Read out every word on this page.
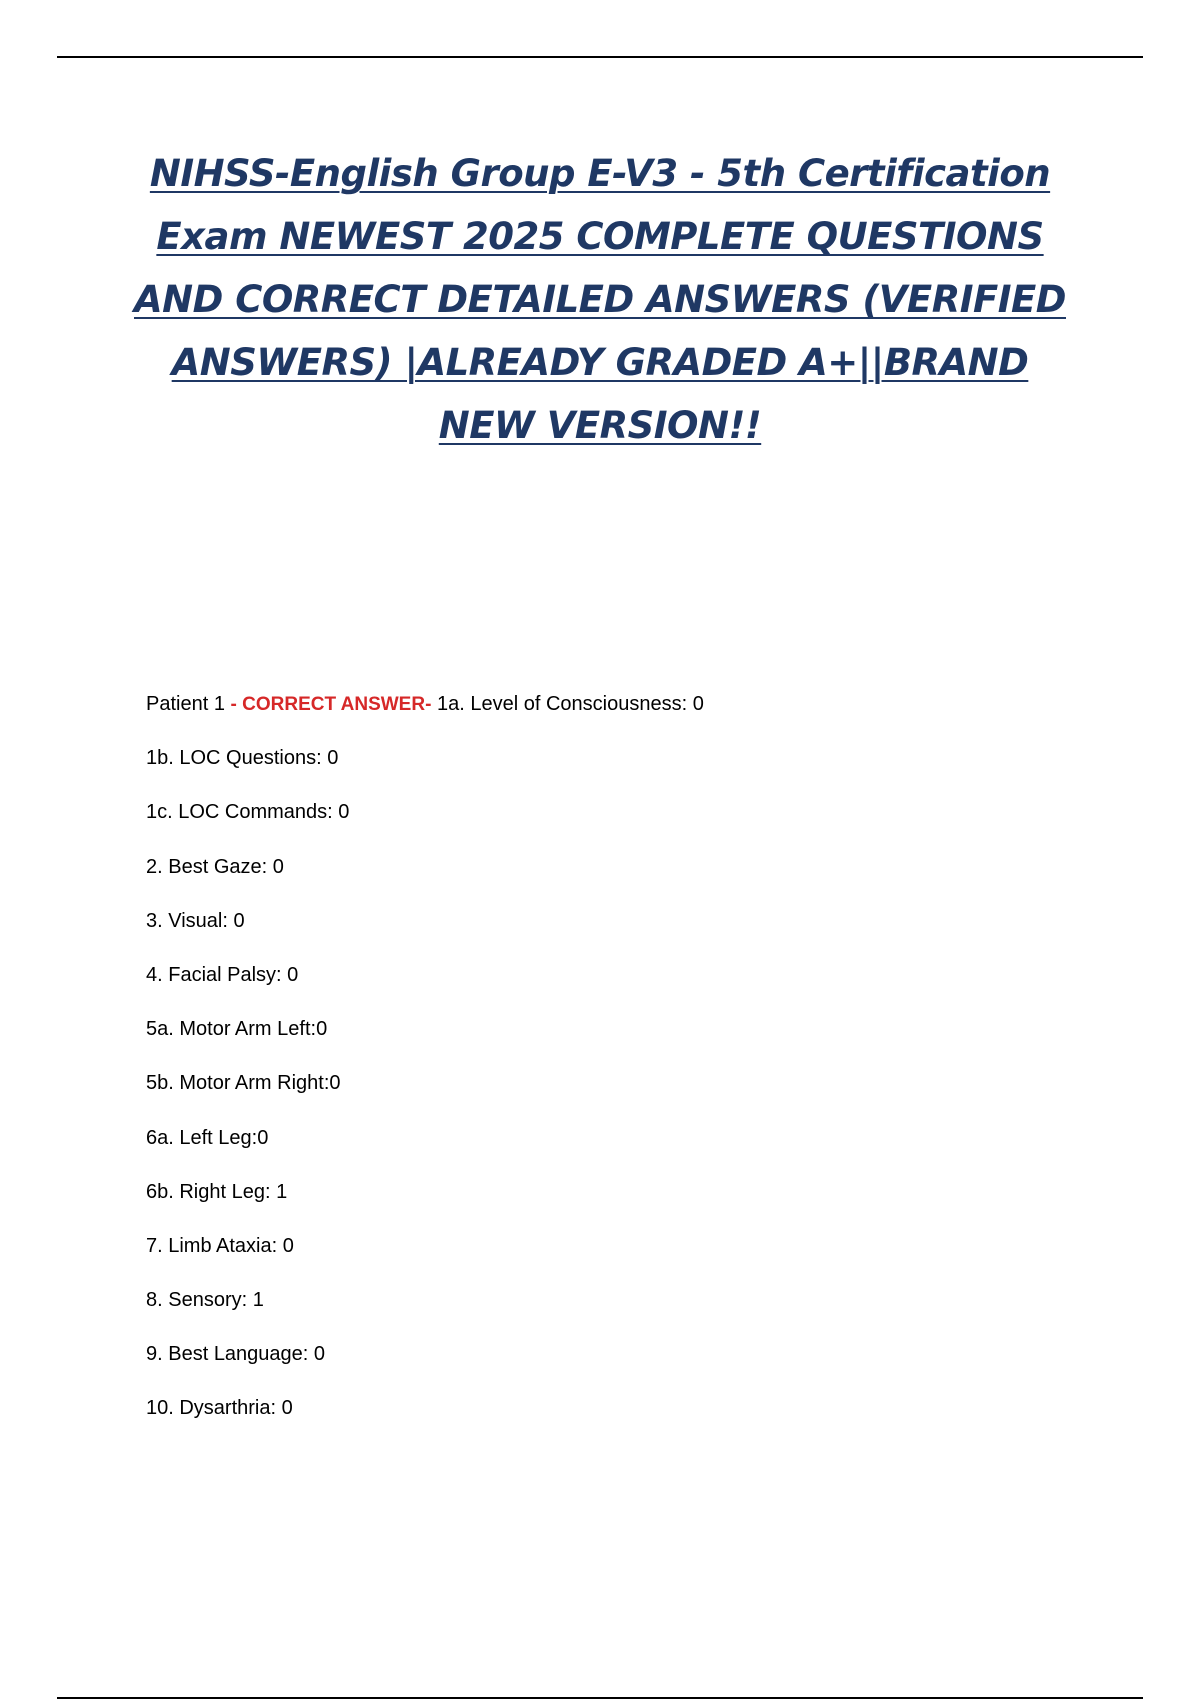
NIHSS-English Group E-V3 - 5th Certification Exam NEWEST 2025 COMPLETE QUESTIONS AND CORRECT DETAILED ANSWERS (VERIFIED ANSWERS) |ALREADY GRADED A+||BRAND NEW VERSION!!
Patient 1 - CORRECT ANSWER- 1a. Level of Consciousness: 0
1b. LOC Questions: 0
1c. LOC Commands: 0
2. Best Gaze: 0
3. Visual: 0
4. Facial Palsy: 0
5a. Motor Arm Left:0
5b. Motor Arm Right:0
6a. Left Leg:0
6b. Right Leg: 1
7. Limb Ataxia: 0
8. Sensory: 1
9. Best Language: 0
10. Dysarthria: 0
